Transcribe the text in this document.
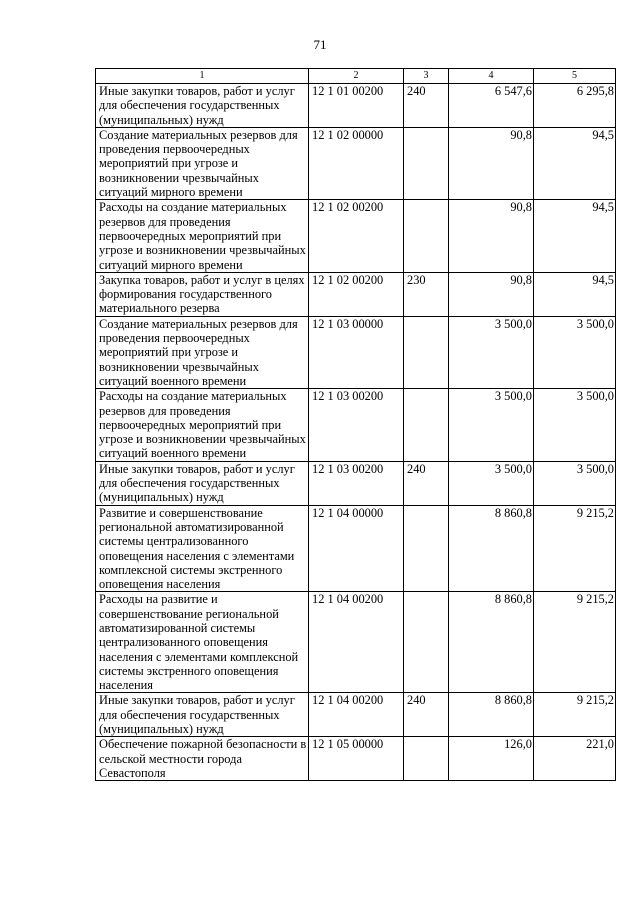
71
1	2	3	4	5
Иные закупки товаров, работ и услуг для обеспечения государственных (муниципальных) нужд	12 1 01 00200	240	6 547,6	6 295,8
Создание материальных резервов для проведения первоочередных мероприятий при угрозе и возникновении чрезвычайных ситуаций мирного времени	12 1 02 00000		90,8	94,5
Расходы на создание материальных резервов для проведения первоочередных мероприятий при угрозе и возникновении чрезвычайных ситуаций мирного времени	12 1 02 00200		90,8	94,5
Закупка товаров, работ и услуг в целях формирования государственного материального резерва	12 1 02 00200	230	90,8	94,5
Создание материальных резервов для проведения первоочередных мероприятий при угрозе и возникновении чрезвычайных ситуаций военного времени	12 1 03 00000		3 500,0	3 500,0
Расходы на создание материальных резервов для проведения первоочередных мероприятий при угрозе и возникновении чрезвычайных ситуаций военного времени	12 1 03 00200		3 500,0	3 500,0
Иные закупки товаров, работ и услуг для обеспечения государственных (муниципальных) нужд	12 1 03 00200	240	3 500,0	3 500,0
Развитие и совершенствование региональной автоматизированной системы централизованного оповещения населения с элементами комплексной системы экстренного оповещения населения	12 1 04 00000		8 860,8	9 215,2
Расходы на развитие и совершенствование региональной автоматизированной системы централизованного оповещения населения с элементами комплексной системы экстренного оповещения населения	12 1 04 00200		8 860,8	9 215,2
Иные закупки товаров, работ и услуг для обеспечения государственных (муниципальных) нужд	12 1 04 00200	240	8 860,8	9 215,2
Обеспечение пожарной безопасности в сельской местности города Севастополя	12 1 05 00000		126,0	221,0
